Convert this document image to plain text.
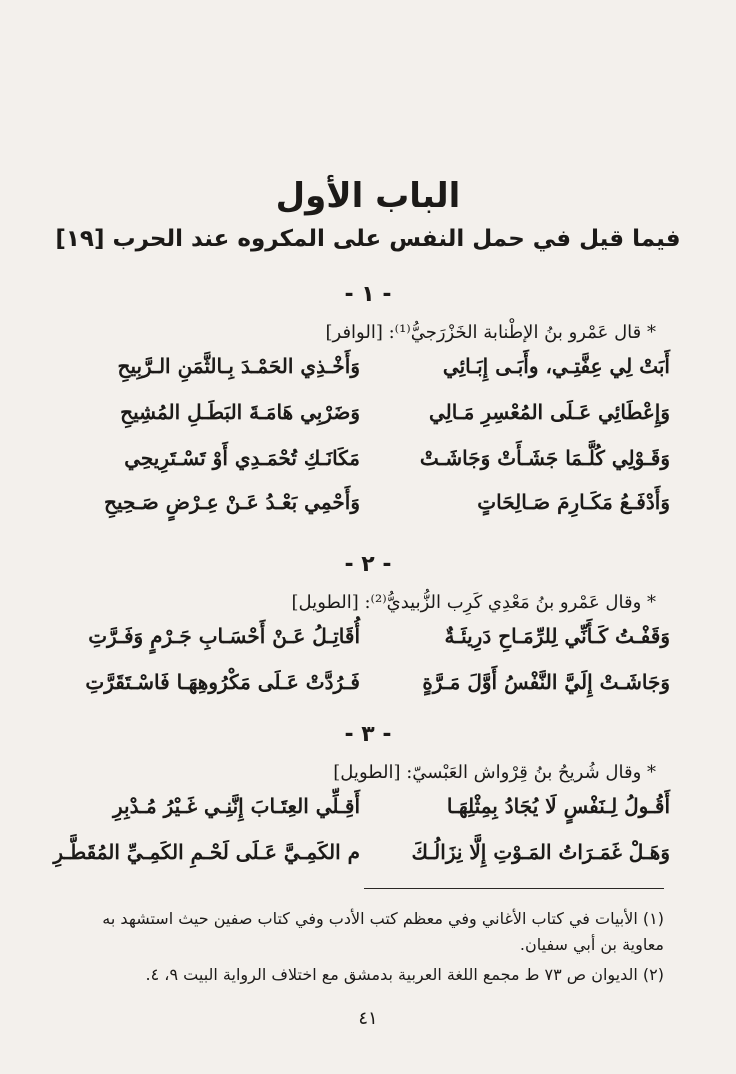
الباب الأول
فيما قيل في حمل النفس على المكروه عند الحرب [١٩]
- ١ -
* قال عَمْرو بنُ الإطْنابة الخَزْرَجيُّ⁽¹⁾: [الوافر]
أَبَتْ لِي عِفَّتِـي، وأَبَـى إِبَـائِي
وَأَخْـذِي الحَمْـدَ بِـالثَّمَنِ الـرَّبِيحِ
وَإِعْطَائِي عَـلَى المُعْسِرِ مَـالِي
وَضَرْبِي هَامَـةَ البَطَـلِ المُشِيحِ
وَقَـوْلِي كُلَّـمَا جَشَـأَتْ وَجَاشَـتْ
مَكَانَـكِ تُحْمَـدِي أَوْ تَسْـتَرِيحِي
وَأَدْفَـعُ مَكَـارِمَ صَـالِحَاتٍ
وَأَحْمِي بَعْـدُ عَـنْ عِـرْضٍ صَـحِيحِ
- ٢ -
* وقال عَمْرو بنُ مَعْدِي كَرِب الزُّبيديُّ⁽²⁾: [الطويل]
وَقَفْـتُ كَـأَنِّي لِلرِّمَـاحِ دَرِيئَـةٌ
أُقَاتِـلُ عَـنْ أَحْسَـابِ جَـرْمٍ وَفَـرَّتِ
وَجَاشَـتْ إِلَيَّ النَّفْسُ أَوَّلَ مَـرَّةٍ
فَـرُدَّتْ عَـلَى مَكْرُوهِهَـا فَاسْـتَقَرَّتِ
- ٣ -
* وقال شُريحُ بنُ قِرْواش العَبْسيّ: [الطويل]
أَقُـولُ لِـنَفْسٍ لَا يُجَادُ بِمِثْلِهَـا
أَقِـلِّي العِتَـابَ إِنَّنِـي غَـيْرُ مُـدْبِرِ
وَهَـلْ غَمَـرَاتُ المَـوْتِ إِلَّا نِزَالُـكَ
م الكَمِـيَّ عَـلَى لَحْـمِ الكَمِـيِّ المُقَطَّـرِ
(١) الأبيات في كتاب الأغاني وفي معظم كتب الأدب وفي كتاب صفين حيث استشهد به معاوية بن أبي سفيان.
(٢) الديوان ص ٧٣ ط مجمع اللغة العربية بدمشق مع اختلاف الرواية البيت ٩، ٤.
٤١
